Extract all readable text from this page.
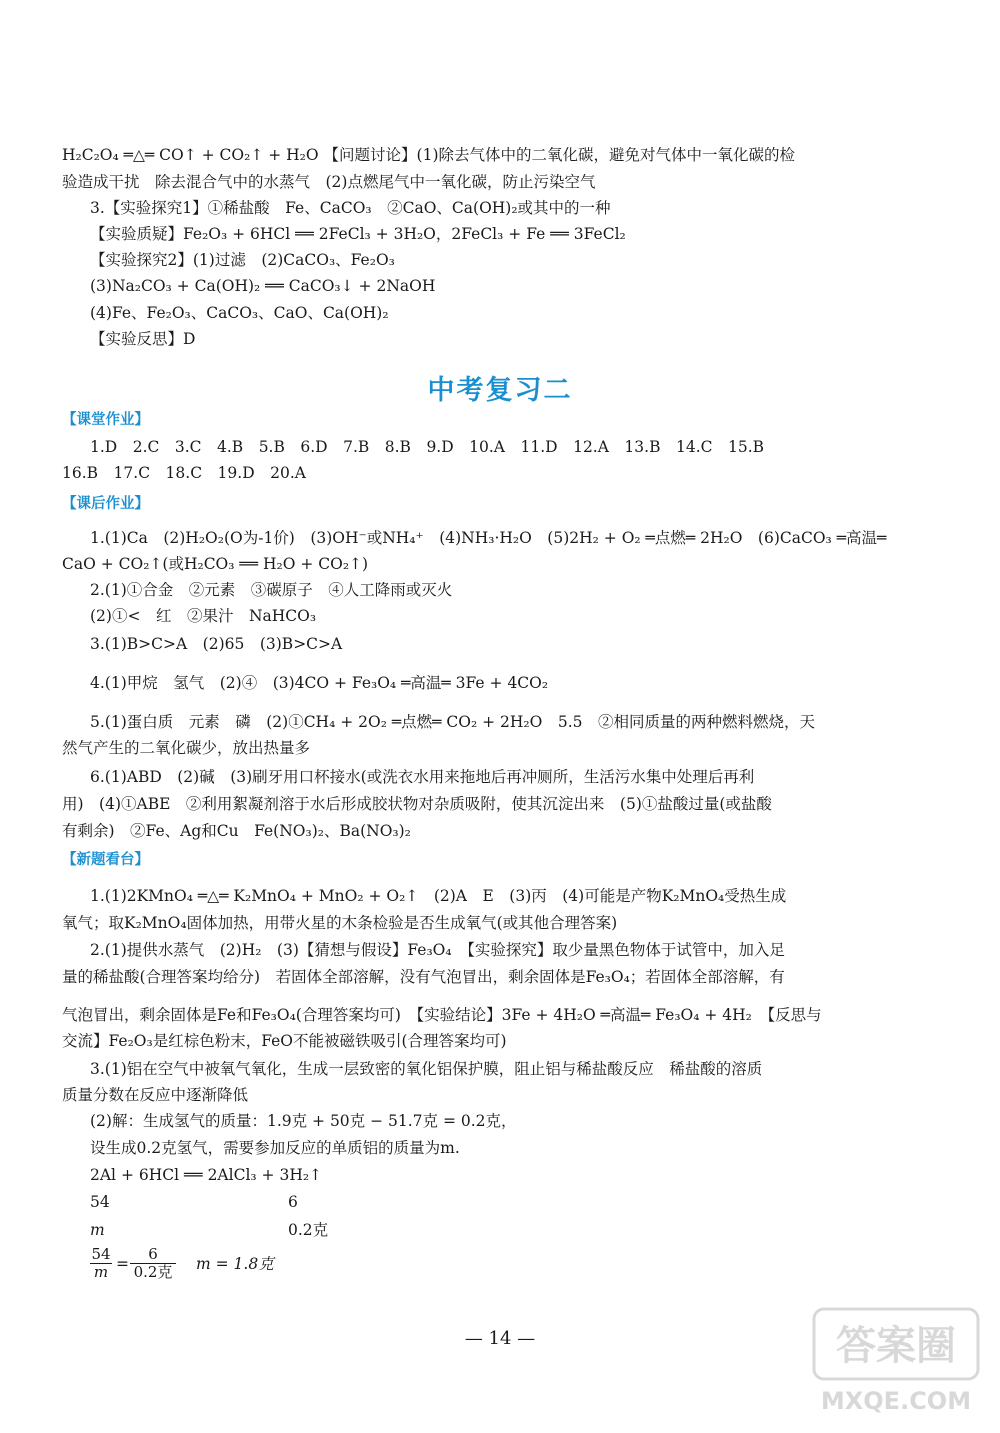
H₂C₂O₄ ═△═ CO↑ + CO₂↑ + H₂O 【问题讨论】(1)除去气体中的二氧化碳，避免对气体中一氧化碳的检
验造成干扰　除去混合气中的水蒸气　(2)点燃尾气中一氧化碳，防止污染空气
3.【实验探究1】①稀盐酸　Fe、CaCO₃　②CaO、Ca(OH)₂或其中的一种
【实验质疑】Fe₂O₃ + 6HCl ══ 2FeCl₃ + 3H₂O，2FeCl₃ + Fe ══ 3FeCl₂
【实验探究2】(1)过滤　(2)CaCO₃、Fe₂O₃
(3)Na₂CO₃ + Ca(OH)₂ ══ CaCO₃↓ + 2NaOH
(4)Fe、Fe₂O₃、CaCO₃、CaO、Ca(OH)₂
【实验反思】D
中考复习二
【课堂作业】
1.D　2.C　3.C　4.B　5.B　6.D　7.B　8.B　9.D　10.A　11.D　12.A　13.B　14.C　15.B
16.B　17.C　18.C　19.D　20.A
【课后作业】
1.(1)Ca　(2)H₂O₂(O为-1价)　(3)OH⁻或NH₄⁺　(4)NH₃·H₂O　(5)2H₂ + O₂ ═点燃═ 2H₂O　(6)CaCO₃ ═高温═
CaO + CO₂↑(或H₂CO₃ ══ H₂O + CO₂↑)
2.(1)①合金　②元素　③碳原子　④人工降雨或灭火
(2)①<　红　②果汁　NaHCO₃
3.(1)B>C>A　(2)65　(3)B>C>A
4.(1)甲烷　氢气　(2)④　(3)4CO + Fe₃O₄ ═高温═ 3Fe + 4CO₂
5.(1)蛋白质　元素　磷　(2)①CH₄ + 2O₂ ═点燃═ CO₂ + 2H₂O　5.5　②相同质量的两种燃料燃烧，天
然气产生的二氧化碳少，放出热量多
6.(1)ABD　(2)碱　(3)刷牙用口杯接水(或洗衣水用来拖地后再冲厕所，生活污水集中处理后再利
用)　(4)①ABE　②利用絮凝剂溶于水后形成胶状物对杂质吸附，使其沉淀出来　(5)①盐酸过量(或盐酸
有剩余)　②Fe、Ag和Cu　Fe(NO₃)₂、Ba(NO₃)₂
【新题看台】
1.(1)2KMnO₄ ═△═ K₂MnO₄ + MnO₂ + O₂↑　(2)A　E　(3)丙　(4)可能是产物K₂MnO₄受热生成
氧气；取K₂MnO₄固体加热，用带火星的木条检验是否生成氧气(或其他合理答案)
2.(1)提供水蒸气　(2)H₂　(3)【猜想与假设】Fe₃O₄　【实验探究】取少量黑色物体于试管中，加入足
量的稀盐酸(合理答案均给分)　若固体全部溶解，没有气泡冒出，剩余固体是Fe₃O₄；若固体全部溶解，有
气泡冒出，剩余固体是Fe和Fe₃O₄(合理答案均可)　【实验结论】3Fe + 4H₂O ═高温═ Fe₃O₄ + 4H₂　【反思与
交流】Fe₂O₃是红棕色粉末，FeO不能被磁铁吸引(合理答案均可)
3.(1)铝在空气中被氧气氧化，生成一层致密的氧化铝保护膜，阻止铝与稀盐酸反应　稀盐酸的溶质
质量分数在反应中逐渐降低
(2)解：生成氢气的质量：1.9克 + 50克 − 51.7克 = 0.2克，
设生成0.2克氢气，需要参加反应的单质铝的质量为m.
2Al + 6HCl ══ 2AlCl₃ + 3H₂↑
54	6
m	0.2克
$\frac{54}{m}$ =
6
0.2克 m = 1.8克
— 14 —	答案圈
MXQE.COM
